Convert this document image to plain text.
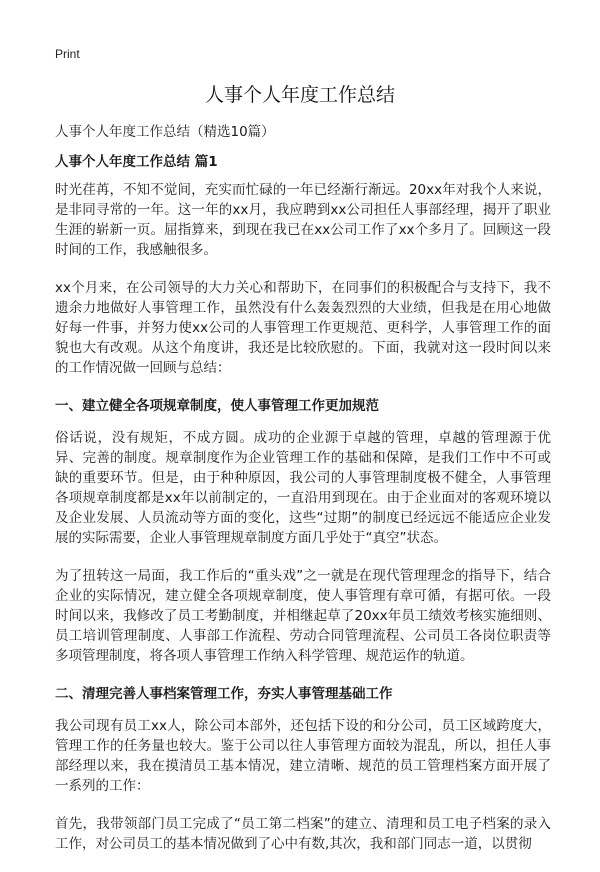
Print
人事个人年度工作总结

人事个人年度工作总结（精选10篇）

人事个人年度工作总结 篇1

时光荏苒，不知不觉间，充实而忙碌的一年已经渐行渐远。20xx年对我个人来说，是非同寻常的一年。这一年的xx月，我应聘到xx公司担任人事部经理，揭开了职业生涯的崭新一页。屈指算来，到现在我已在xx公司工作了xx个多月了。回顾这一段时间的工作，我感触很多。

xx个月来，在公司领导的大力关心和帮助下，在同事们的积极配合与支持下，我不遗余力地做好人事管理工作，虽然没有什么轰轰烈烈的大业绩，但我是在用心地做好每一件事，并努力使xx公司的人事管理工作更规范、更科学，人事管理工作的面貌也大有改观。从这个角度讲，我还是比较欣慰的。下面，我就对这一段时间以来的工作情况做一回顾与总结：

一、建立健全各项规章制度，使人事管理工作更加规范

俗话说，没有规矩，不成方圆。成功的企业源于卓越的管理，卓越的管理源于优异、完善的制度。规章制度作为企业管理工作的基础和保障，是我们工作中不可或缺的重要环节。但是，由于种种原因，我公司的人事管理制度极不健全，人事管理各项规章制度都是xx年以前制定的，一直沿用到现在。由于企业面对的客观环境以及企业发展、人员流动等方面的变化，这些“过期”的制度已经远远不能适应企业发展的实际需要，企业人事管理规章制度方面几乎处于“真空”状态。

为了扭转这一局面，我工作后的“重头戏”之一就是在现代管理理念的指导下，结合企业的实际情况，建立健全各项规章制度，使人事管理有章可循，有据可依。一段时间以来，我修改了员工考勤制度，并相继起草了20xx年员工绩效考核实施细则、员工培训管理制度、人事部工作流程、劳动合同管理流程、公司员工各岗位职责等多项管理制度，将各项人事管理工作纳入科学管理、规范运作的轨道。

二、清理完善人事档案管理工作，夯实人事管理基础工作

我公司现有员工xx人，除公司本部外，还包括下设的和分公司，员工区域跨度大，管理工作的任务量也较大。鉴于公司以往人事管理方面较为混乱，所以，担任人事部经理以来，我在摸清员工基本情况，建立清晰、规范的员工管理档案方面开展了一系列的工作：

首先，我带领部门员工完成了“员工第二档案”的建立、清理和员工电子档案的录入工作，对公司员工的基本情况做到了心中有数,其次，我和部门同志一道，以贯彻
